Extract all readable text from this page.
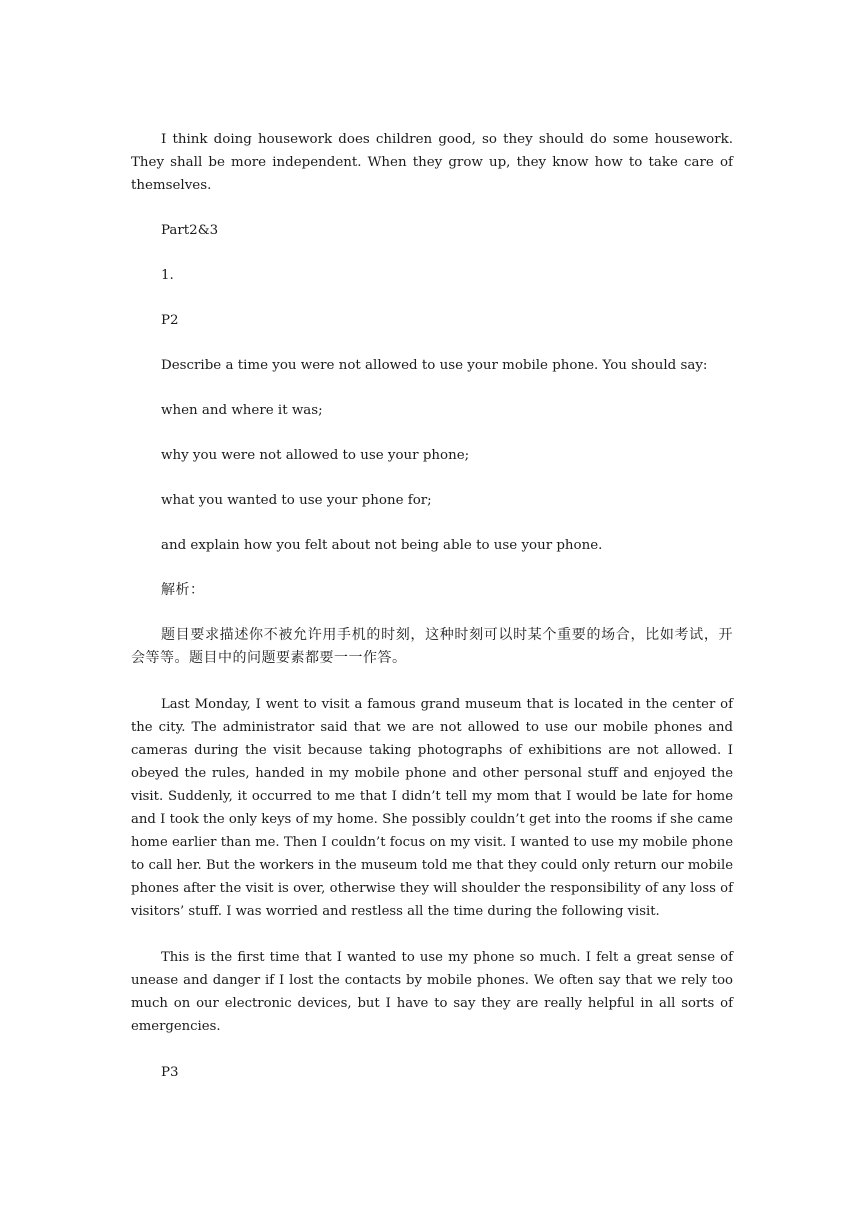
I think doing housework does children good, so they should do some housework. They shall be more independent. When they grow up, they know how to take care of themselves.

Part2&3

1.

P2

Describe a time you were not allowed to use your mobile phone. You should say:

when and where it was;

why you were not allowed to use your phone;

what you wanted to use your phone for;

and explain how you felt about not being able to use your phone.

解析：

题目要求描述你不被允许用手机的时刻，这种时刻可以时某个重要的场合，比如考试，开会等等。题目中的问题要素都要一一作答。

Last Monday, I went to visit a famous grand museum that is located in the center of the city. The administrator said that we are not allowed to use our mobile phones and cameras during the visit because taking photographs of exhibitions are not allowed. I obeyed the rules, handed in my mobile phone and other personal stuff and enjoyed the visit. Suddenly, it occurred to me that I didn’t tell my mom that I would be late for home and I took the only keys of my home. She possibly couldn’t get into the rooms if she came home earlier than me. Then I couldn’t focus on my visit. I wanted to use my mobile phone to call her. But the workers in the museum told me that they could only return our mobile phones after the visit is over, otherwise they will shoulder the responsibility of any loss of visitors’ stuff. I was worried and restless all the time during the following visit.

This is the first time that I wanted to use my phone so much. I felt a great sense of unease and danger if I lost the contacts by mobile phones. We often say that we rely too much on our electronic devices, but I have to say they are really helpful in all sorts of emergencies.

P3
